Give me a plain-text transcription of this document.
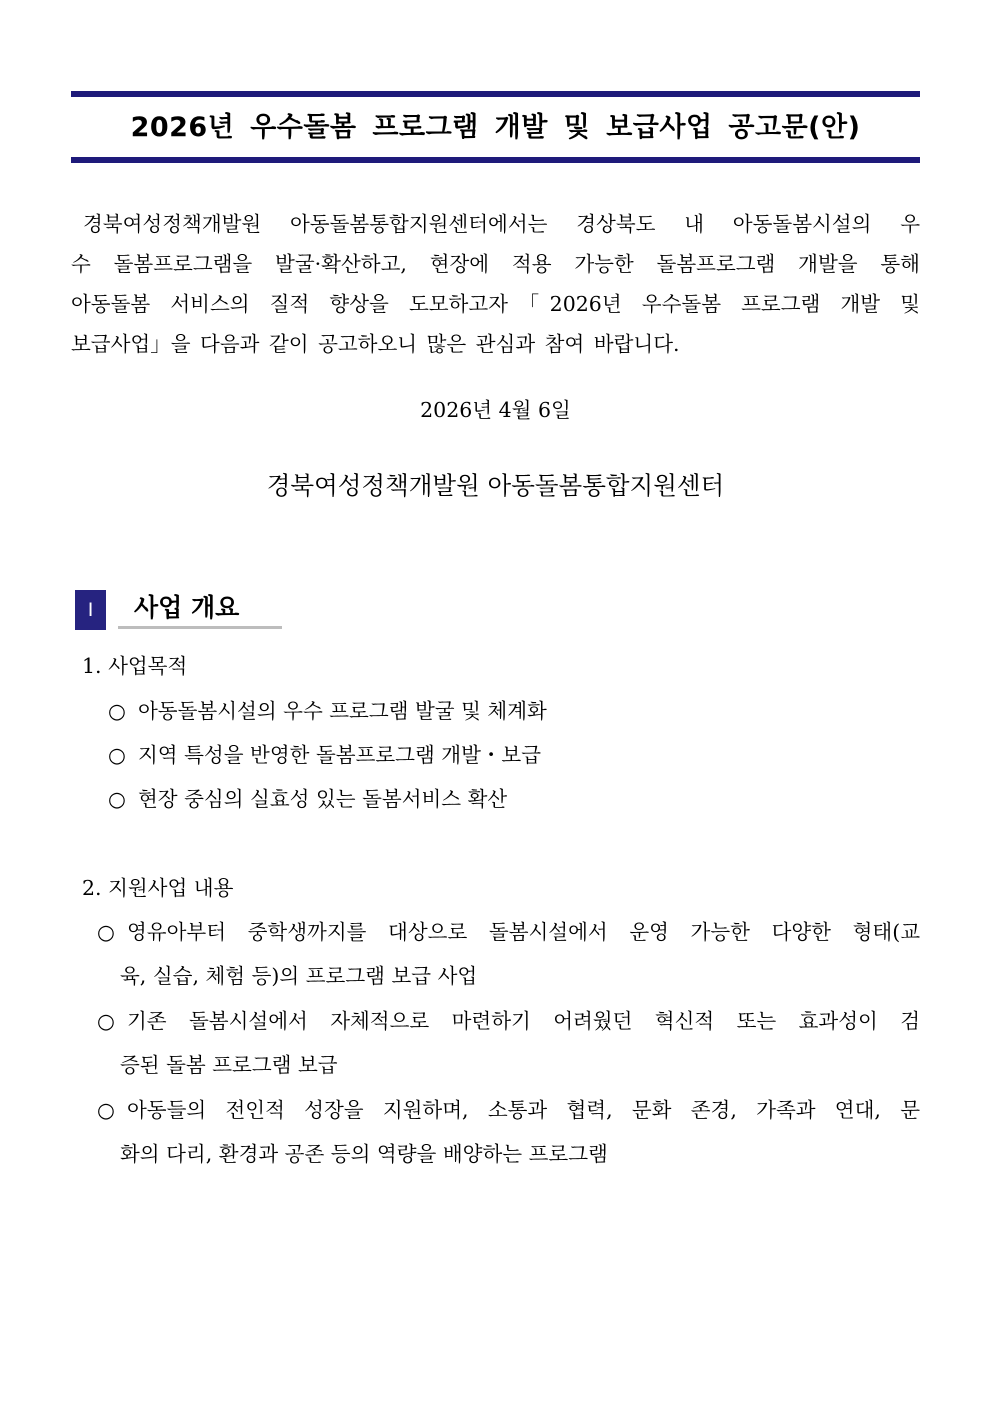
2026년 우수돌봄 프로그램 개발 및 보급사업 공고문(안)
경북여성정책개발원 아동돌봄통합지원센터에서는 경상북도 내 아동돌봄시설의 우
수 돌봄프로그램을 발굴·확산하고, 현장에 적용 가능한 돌봄프로그램 개발을 통해
아동돌봄 서비스의 질적 향상을 도모하고자「2026년 우수돌봄 프로그램 개발 및
보급사업」을 다음과 같이 공고하오니 많은 관심과 참여 바랍니다.
2026년 4월 6일
경북여성정책개발원 아동돌봄통합지원센터
Ⅰ	사업 개요
1. 사업목적
○ 아동돌봄시설의 우수 프로그램 발굴 및 체계화
○ 지역 특성을 반영한 돌봄프로그램 개발・보급
○ 현장 중심의 실효성 있는 돌봄서비스 확산
2. 지원사업 내용
○ 영유아부터 중학생까지를 대상으로 돌봄시설에서 운영 가능한 다양한 형태(교
육, 실습, 체험 등)의 프로그램 보급 사업
○ 기존 돌봄시설에서 자체적으로 마련하기 어려웠던 혁신적 또는 효과성이 검
증된 돌봄 프로그램 보급
○ 아동들의 전인적 성장을 지원하며, 소통과 협력, 문화 존경, 가족과 연대, 문
화의 다리, 환경과 공존 등의 역량을 배양하는 프로그램
